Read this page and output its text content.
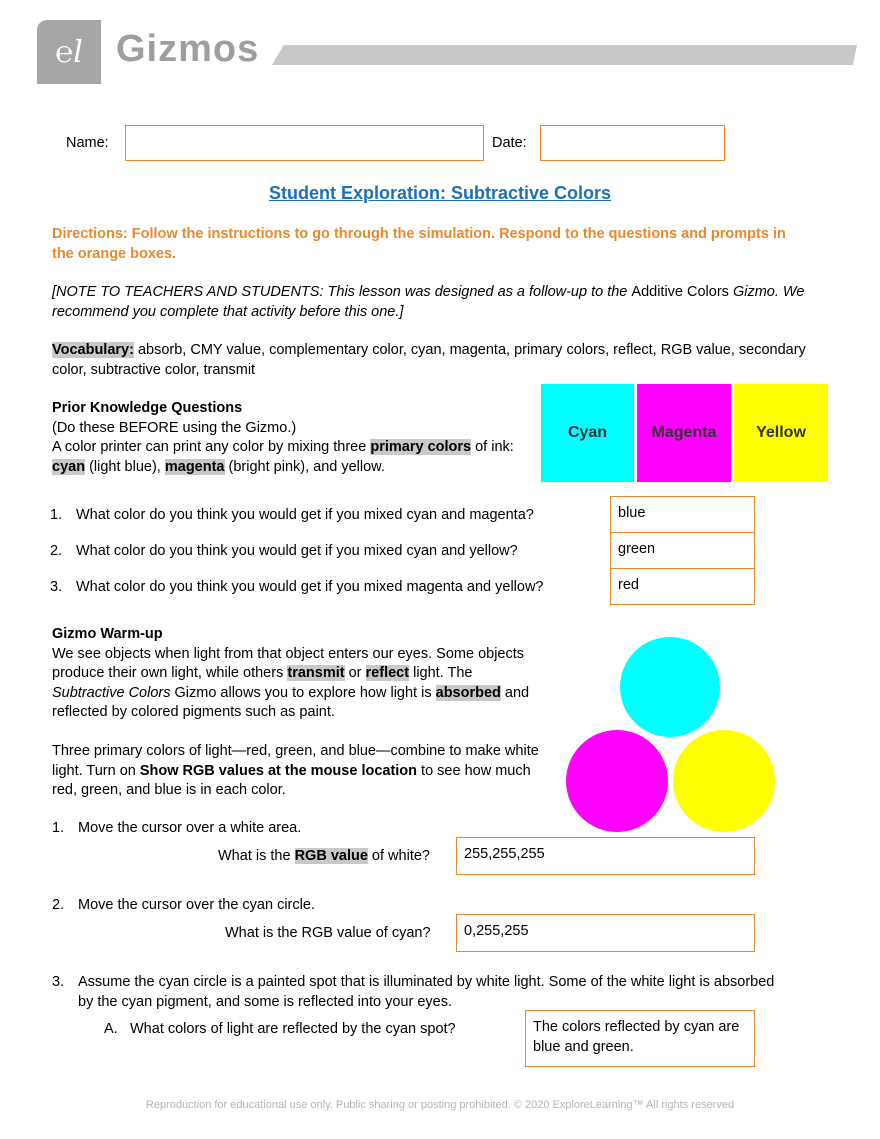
℮l Gizmos
Name:	Date:
Student Exploration: Subtractive Colors
Directions: Follow the instructions to go through the simulation. Respond to the questions and prompts in the orange boxes.
[NOTE TO TEACHERS AND STUDENTS: This lesson was designed as a follow-up to the Additive Colors Gizmo. We recommend you complete that activity before this one.]
Vocabulary: absorb, CMY value, complementary color, cyan, magenta, primary colors, reflect, RGB value, secondary color, subtractive color, transmit

Prior Knowledge Questions

(Do these BEFORE using the Gizmo.)

A color printer can print any color by mixing three primary colors of ink: cyan (light blue), magenta (bright pink), and yellow.

Cyan	Magenta Yellow
1. What color do you think you would get if you mixed cyan and magenta?	blue
2. What color do you think you would get if you mixed cyan and yellow?	green
3. What color do you think you would get if you mixed magenta and yellow?	red

Gizmo Warm-up

We see objects when light from that object enters our eyes. Some objects produce their own light, while others transmit or reflect light. The Subtractive Colors Gizmo allows you to explore how light is absorbed and reflected by colored pigments such as paint.

Three primary colors of light—red, green, and blue—combine to make white light. Turn on Show RGB values at the mouse location to see how much red, green, and blue is in each color.

1. Move the cursor over a white area.
What is the RGB value of white?	255,255,255
2. Move the cursor over the cyan circle.
What is the RGB value of cyan?	0,255,255
3. Assume the cyan circle is a painted spot that is illuminated by white light. Some of the white light is absorbed by the cyan pigment, and some is reflected into your eyes.
A. What colors of light are reflected by the cyan spot?	The colors reflected by cyan are blue and green.
Reproduction for educational use only. Public sharing or posting prohibited. © 2020 ExploreLearning™ All rights reserved
